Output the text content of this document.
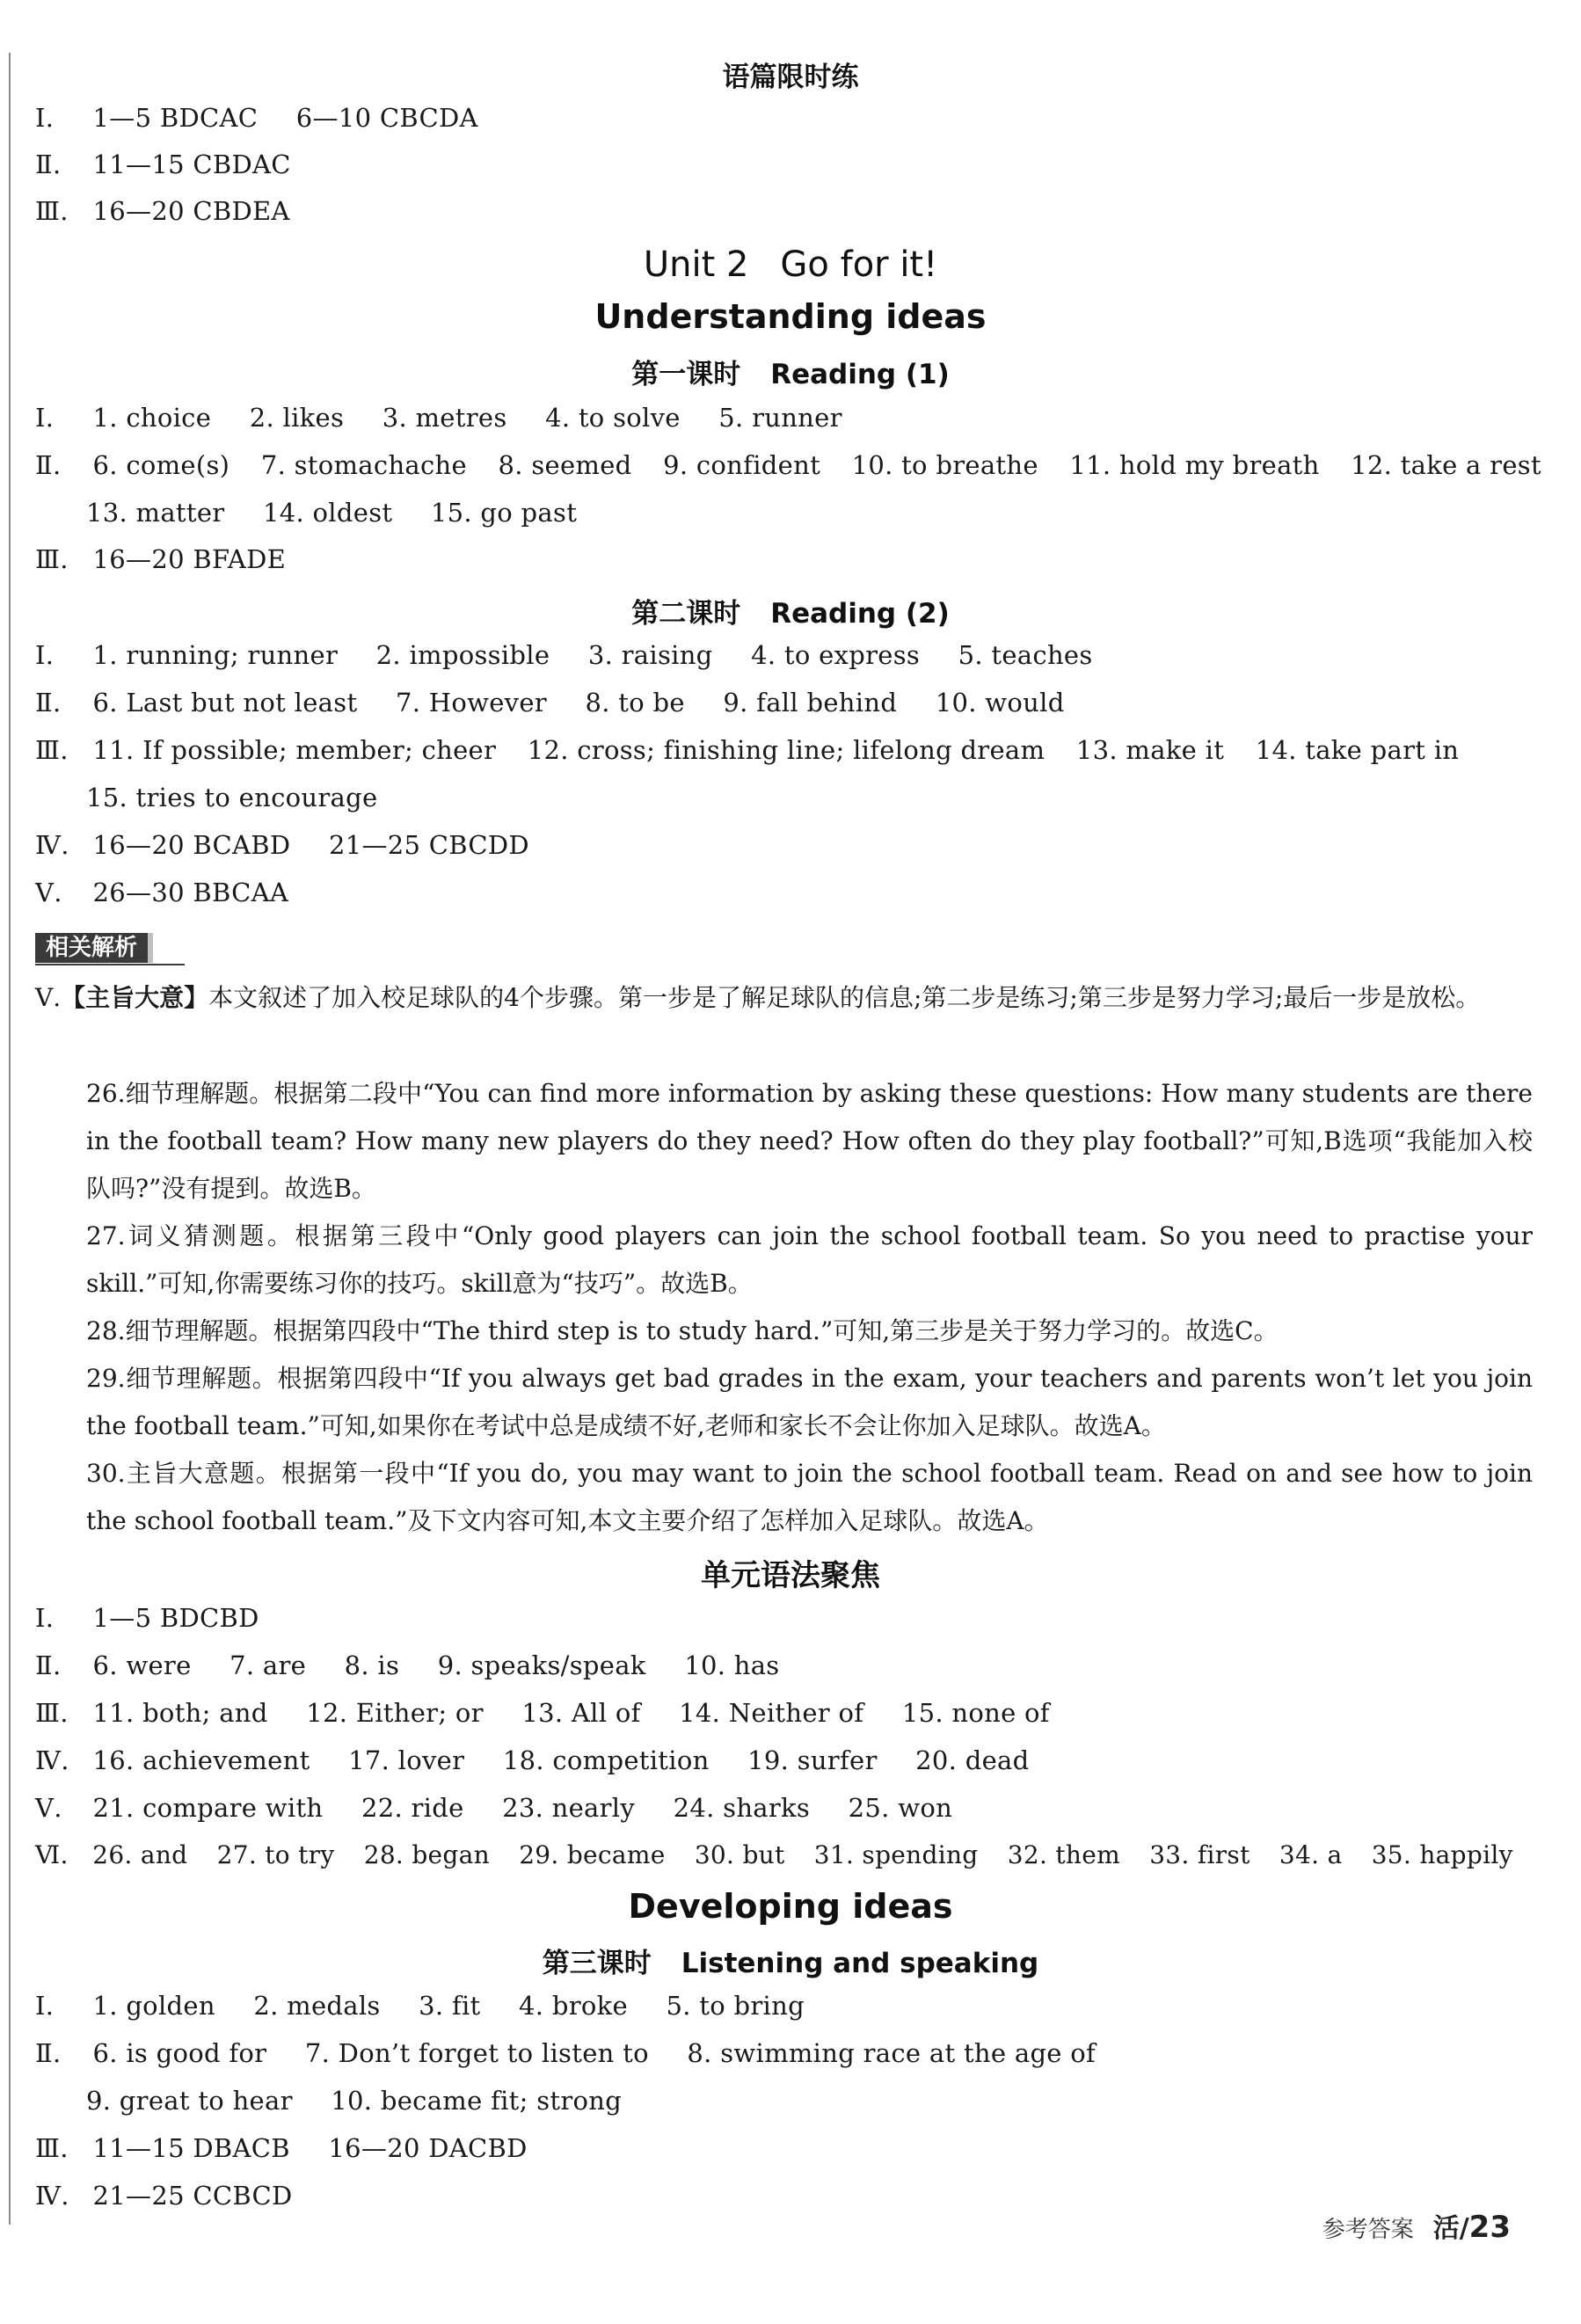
语篇限时练
Ⅰ. 1—5 BDCAC 6—10 CBCDA
Ⅱ. 11—15 CBDAC
Ⅲ. 16—20 CBDEA
Unit 2 Go for it!
Understanding ideas
第一课时 Reading (1)
Ⅰ. 1. choice 2. likes 3. metres 4. to solve 5. runner
Ⅱ. 6. come(s) 7. stomachache 8. seemed 9. confident 10. to breathe 11. hold my breath 12. take a rest
13. matter 14. oldest 15. go past
Ⅲ. 16—20 BFADE
第二课时 Reading (2)
Ⅰ. 1. running; runner 2. impossible 3. raising 4. to express 5. teaches
Ⅱ. 6. Last but not least 7. However 8. to be 9. fall behind 10. would
Ⅲ. 11. If possible; member; cheer 12. cross; finishing line; lifelong dream 13. make it 14. take part in
15. tries to encourage
Ⅳ. 16—20 BCABD 21—25 CBCDD
Ⅴ. 26—30 BBCAA
相关解析
Ⅴ.【主旨大意】本文叙述了加入校足球队的4个步骤。第一步是了解足球队的信息;第二步是练习;第三步是努力学习;最后一步是放松。
26.细节理解题。根据第二段中“You can find more information by asking these questions: How many students are there in the football team? How many new players do they need? How often do they play football?”可知,B选项“我能加入校队吗?”没有提到。故选B。
27.词义猜测题。根据第三段中“Only good players can join the school football team. So you need to practise your skill.”可知,你需要练习你的技巧。skill意为“技巧”。故选B。
28.细节理解题。根据第四段中“The third step is to study hard.”可知,第三步是关于努力学习的。故选C。
29.细节理解题。根据第四段中“If you always get bad grades in the exam, your teachers and parents won’t let you join the football team.”可知,如果你在考试中总是成绩不好,老师和家长不会让你加入足球队。故选A。
30.主旨大意题。根据第一段中“If you do, you may want to join the school football team. Read on and see how to join the school football team.”及下文内容可知,本文主要介绍了怎样加入足球队。故选A。
单元语法聚焦
Ⅰ. 1—5 BDCBD
Ⅱ. 6. were 7. are 8. is 9. speaks/speak 10. has
Ⅲ. 11. both; and 12. Either; or 13. All of 14. Neither of 15. none of
Ⅳ. 16. achievement 17. lover 18. competition 19. surfer 20. dead
Ⅴ. 21. compare with 22. ride 23. nearly 24. sharks 25. won
Ⅵ. 26. and 27. to try 28. began 29. became 30. but 31. spending 32. them 33. first 34. a 35. happily
Developing ideas
第三课时 Listening and speaking
Ⅰ. 1. golden 2. medals 3. fit 4. broke 5. to bring
Ⅱ. 6. is good for 7. Don’t forget to listen to 8. swimming race at the age of
9. great to hear 10. became fit; strong
Ⅲ. 11—15 DBACB 16—20 DACBD
Ⅳ. 21—25 CCBCD
参考答案 活/23
